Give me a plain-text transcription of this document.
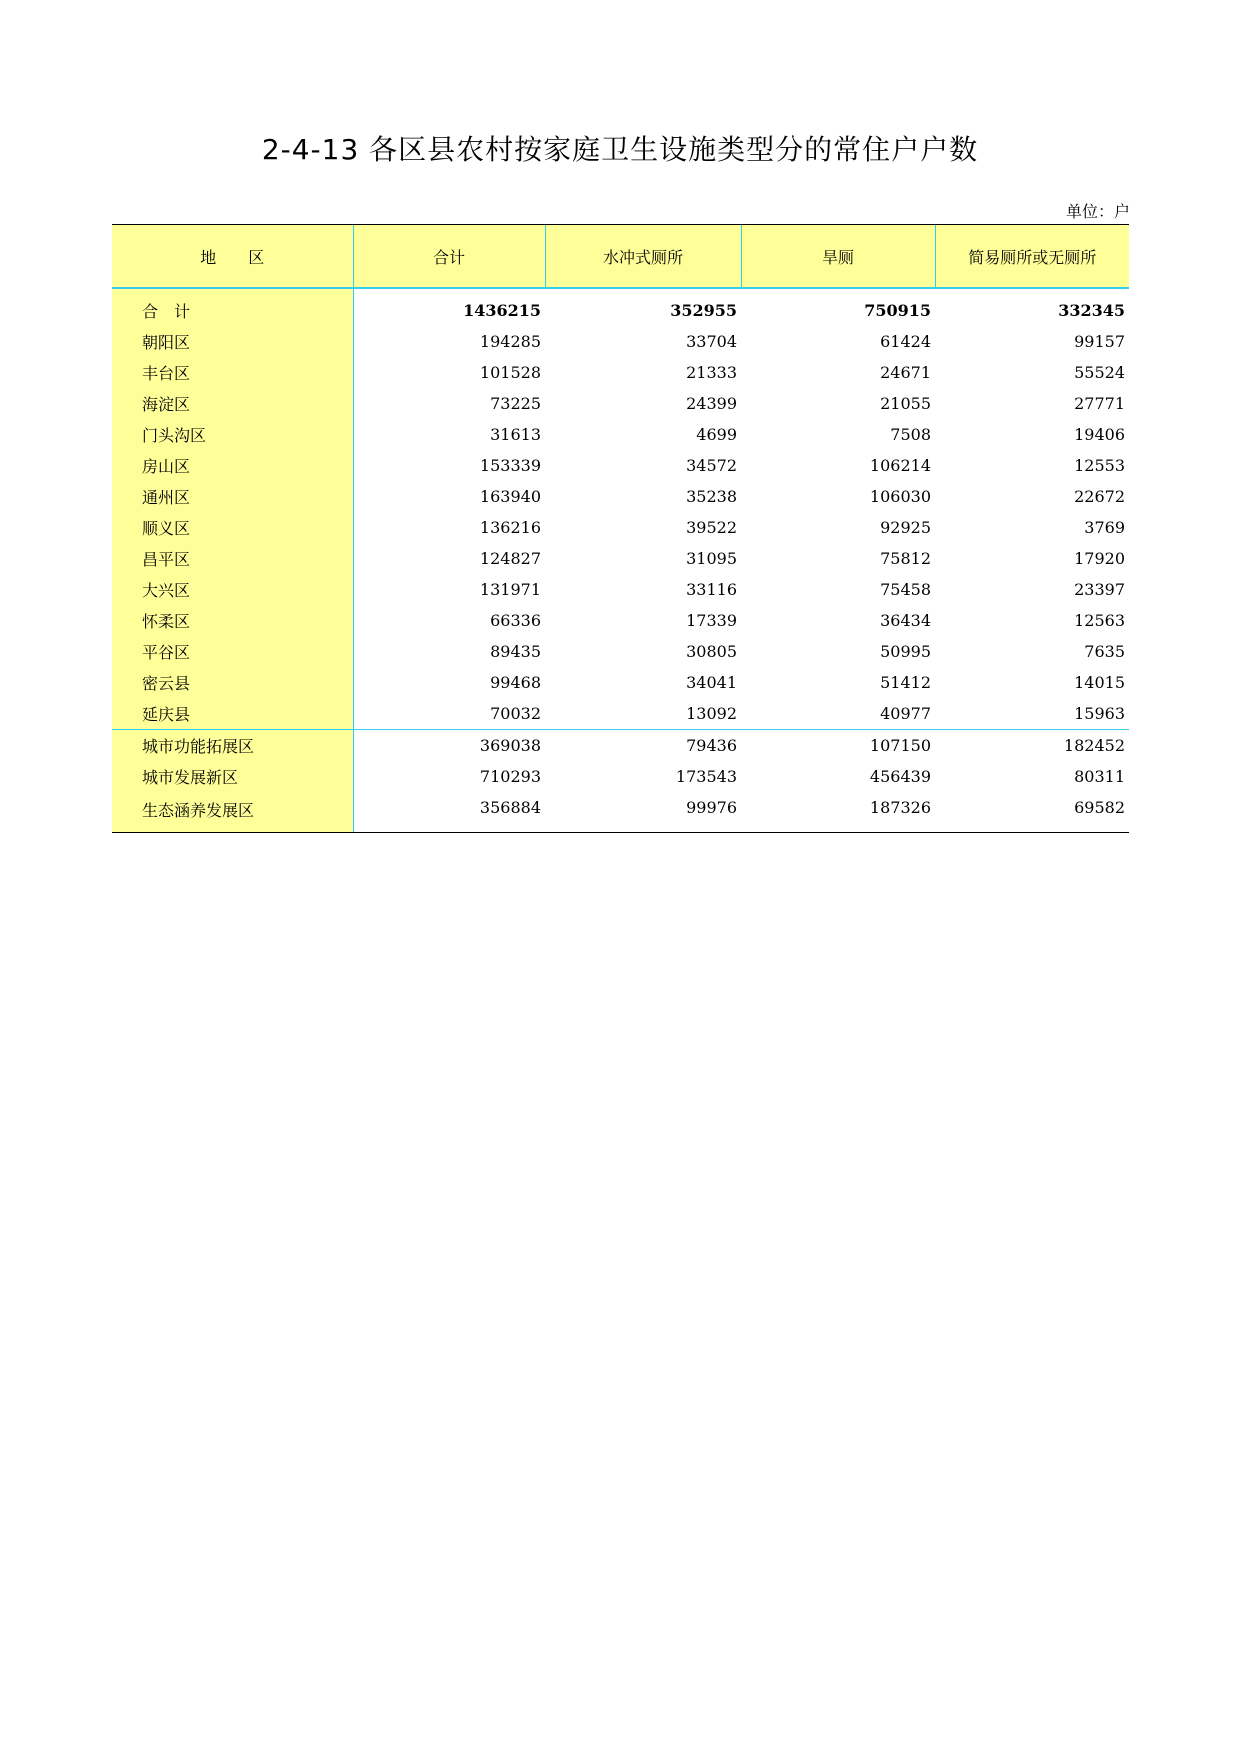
2-4-13 各区县农村按家庭卫生设施类型分的常住户户数
单位：户
地　　区	合计	水冲式厕所	旱厕	简易厕所或无厕所

合　计	1436215	352955	750915	332345
朝阳区	194285	33704	61424	99157
丰台区	101528	21333	24671	55524
海淀区	73225	24399	21055	27771
门头沟区	31613	4699	7508	19406
房山区	153339	34572	106214	12553
通州区	163940	35238	106030	22672
顺义区	136216	39522	92925	3769
昌平区	124827	31095	75812	17920
大兴区	131971	33116	75458	23397
怀柔区	66336	17339	36434	12563
平谷区	89435	30805	50995	7635
密云县	99468	34041	51412	14015
延庆县	70032	13092	40977	15963
城市功能拓展区	369038	79436	107150	182452
城市发展新区	710293	173543	456439	80311
生态涵养发展区	356884	99976	187326	69582
